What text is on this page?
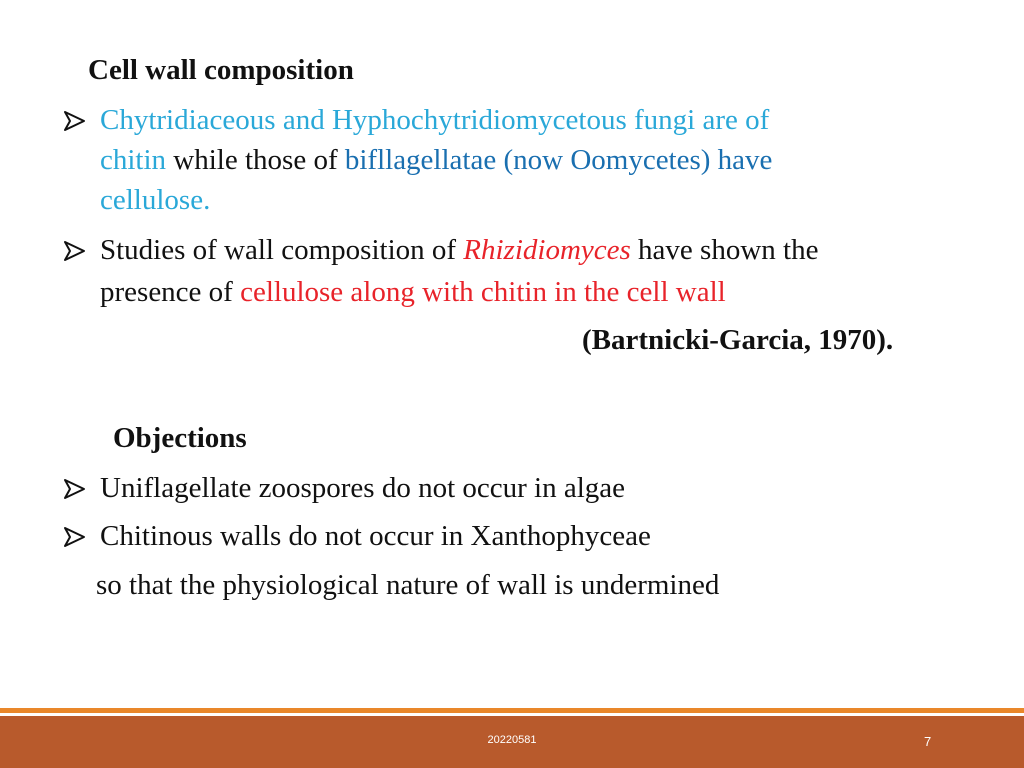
Cell wall composition
Chytridiaceous and Hyphochytridiomycetous fungi are of
chitin while those of bifllagellatae (now Oomycetes) have
cellulose.
Studies of wall composition of Rhizidiomyces have shown the
presence of cellulose along with chitin in the cell wall
(Bartnicki-Garcia, 1970).
Objections
Uniflagellate zoospores do not occur in algae
Chitinous walls do not occur in Xanthophyceae
so that the physiological nature of wall is undermined
20220581	7
